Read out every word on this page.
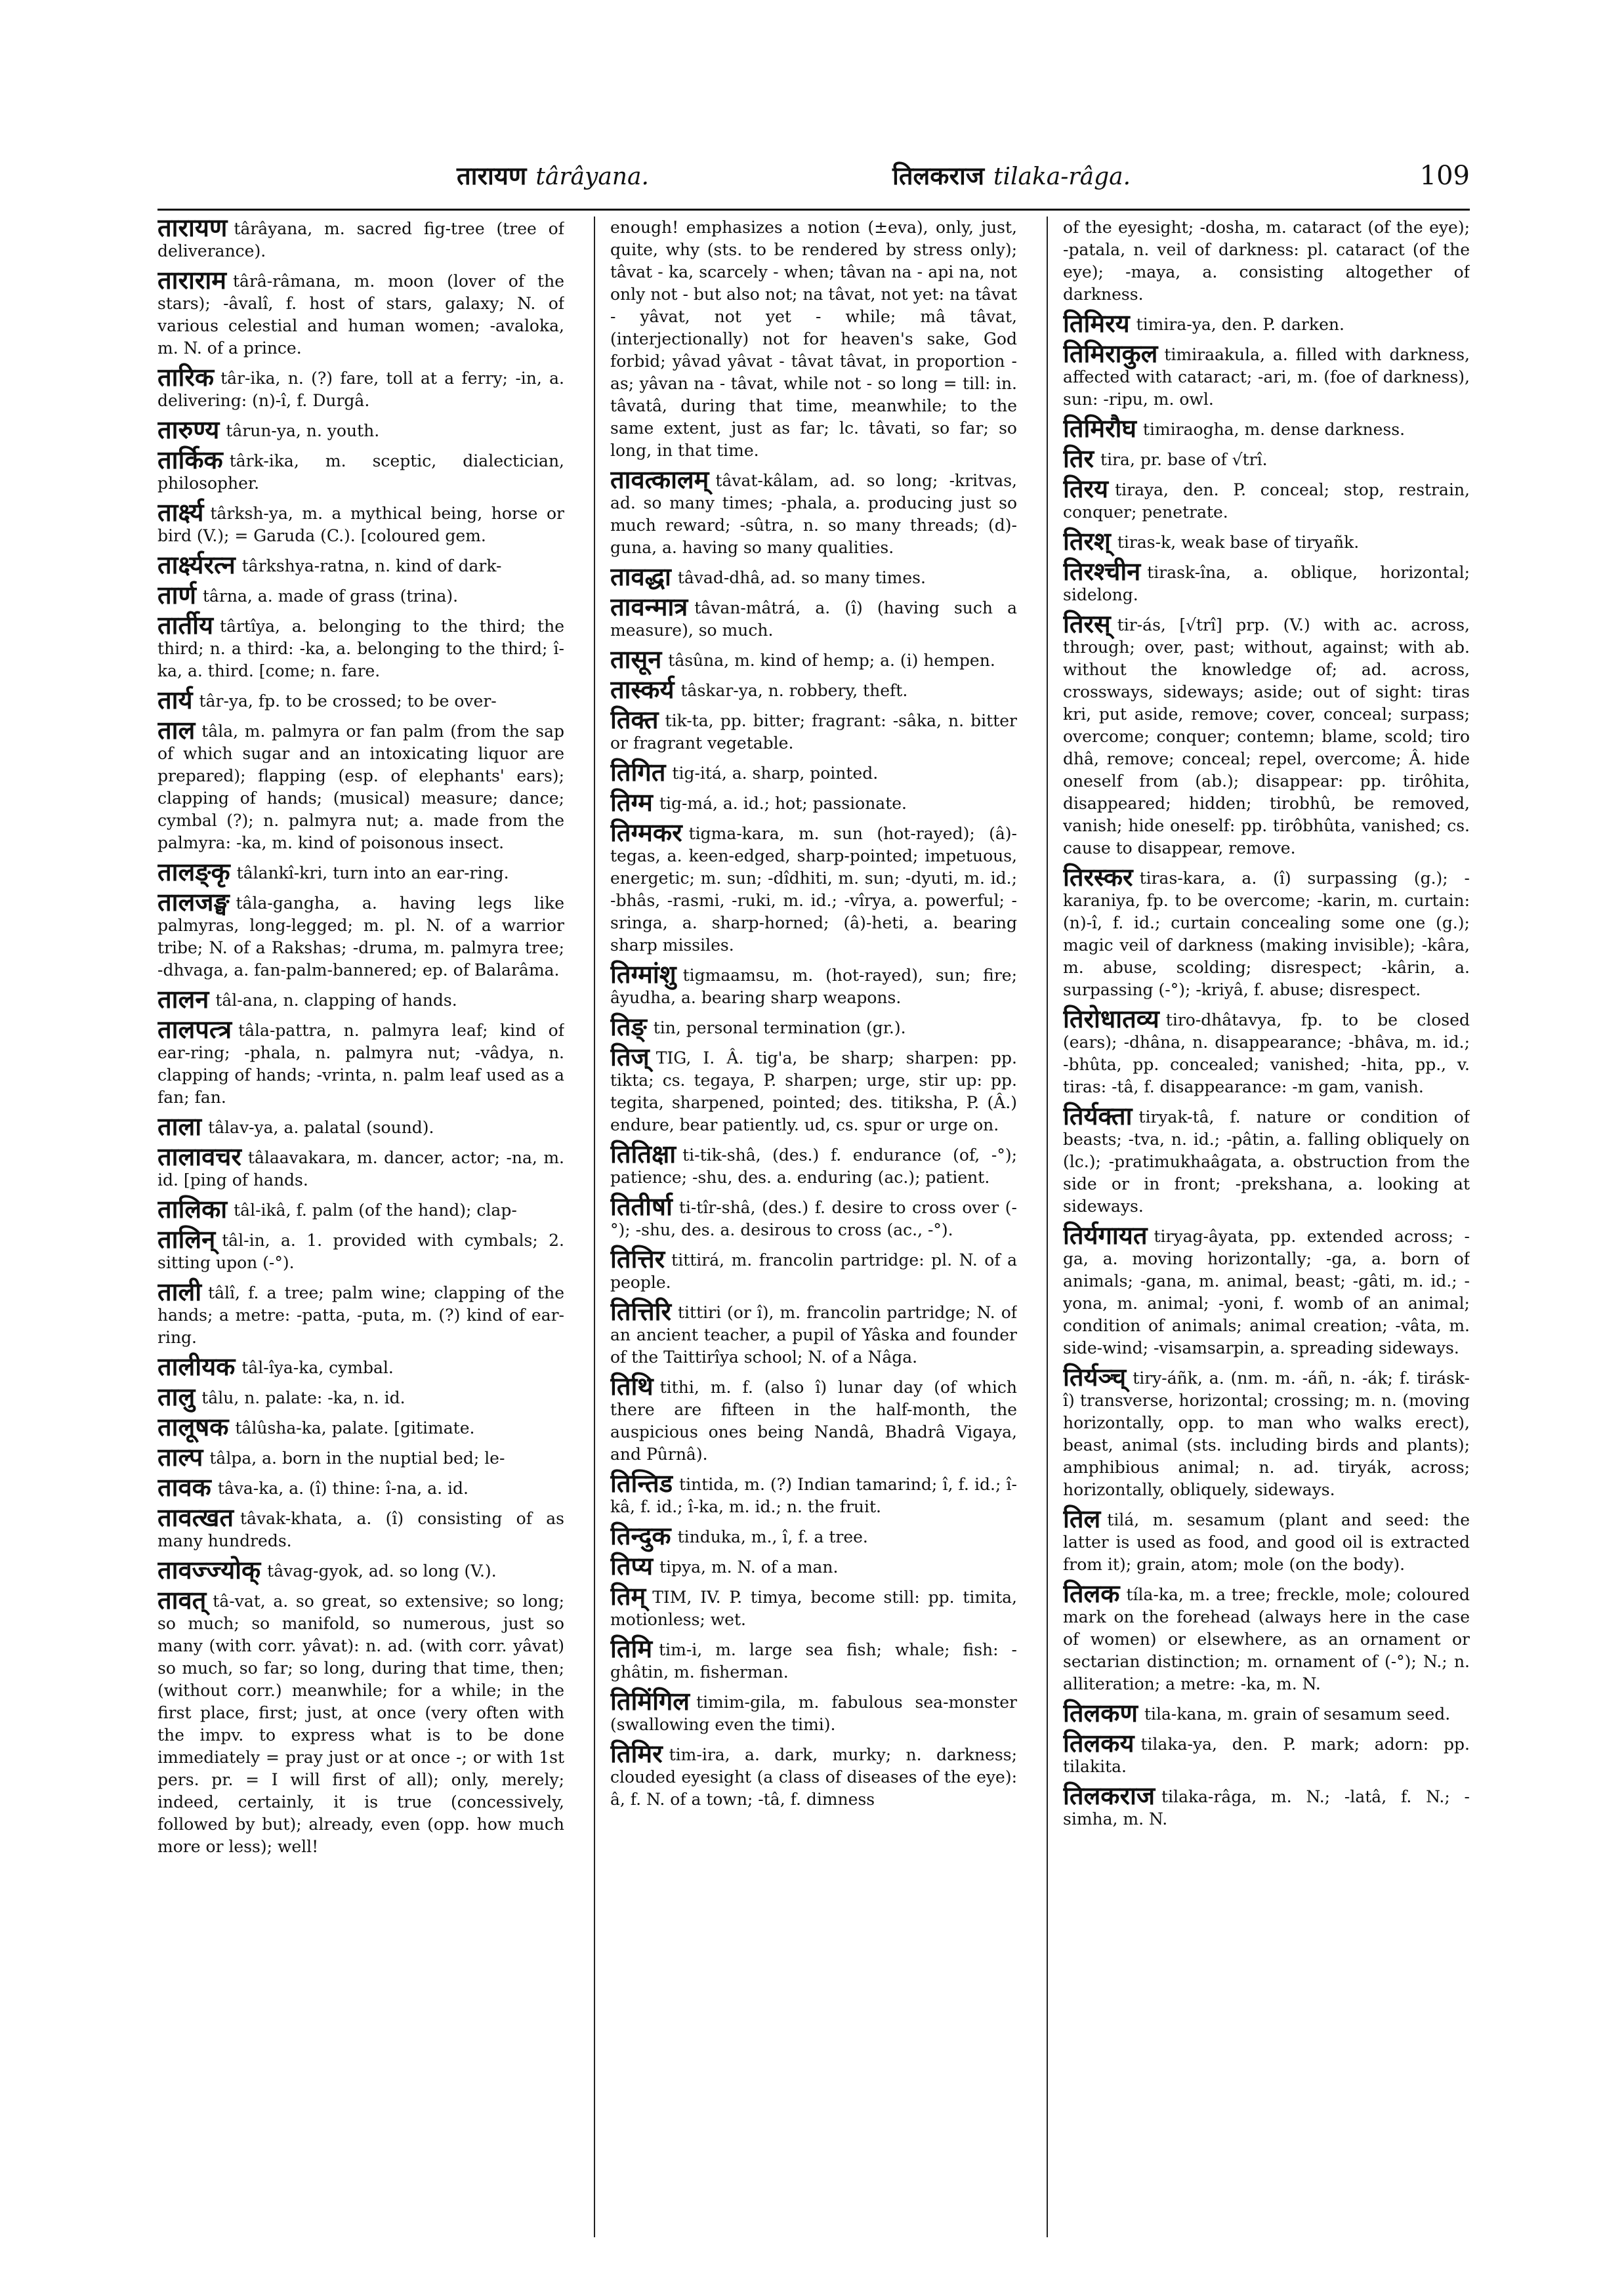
तारायण târâyana.	तिलकराज tilaka-râga.	109
तारायण târâyana, m. sacred fig-tree (tree of deliverance).
ताराराम târâ-râmana, m. moon (lover of the stars); -âvalî, f. host of stars, galaxy; N. of various celestial and human women; -avaloka, m. N. of a prince.
तारिक târ-ika, n. (?) fare, toll at a ferry; -in, a. delivering: (n)-î, f. Durgâ.
तारुण्य târun-ya, n. youth.
तार्किक târk-ika, m. sceptic, dialectician, philosopher.
तार्क्ष्य târksh-ya, m. a mythical being, horse or bird (V.); = Garuda (C.). [coloured gem.
तार्क्ष्यरत्न târkshya-ratna, n. kind of dark-
तार्ण târna, a. made of grass (trina).
तार्तीय târtîya, a. belonging to the third; the third; n. a third: -ka, a. belonging to the third; î-ka, a. third. [come; n. fare.
तार्य târ-ya, fp. to be crossed; to be over-
ताल tâla, m. palmyra or fan palm (from the sap of which sugar and an intoxicating liquor are prepared); flapping (esp. of elephants' ears); clapping of hands; (musical) measure; dance; cymbal (?); n. palmyra nut; a. made from the palmyra: -ka, m. kind of poisonous insect.
तालङ्कृ tâlankî-kri, turn into an ear-ring.
तालजङ्घ tâla-gangha, a. having legs like palmyras, long-legged; m. pl. N. of a warrior tribe; N. of a Rakshas; -druma, m. palmyra tree; -dhvaga, a. fan-palm-bannered; ep. of Balarâma.
तालन tâl-ana, n. clapping of hands.
तालपत्त्र tâla-pattra, n. palmyra leaf; kind of ear-ring; -phala, n. palmyra nut; -vâdya, n. clapping of hands; -vrinta, n. palm leaf used as a fan; fan.
ताला tâlav-ya, a. palatal (sound).
तालावचर tâlaavakara, m. dancer, actor; -na, m. id. [ping of hands.
तालिका tâl-ikâ, f. palm (of the hand); clap-
तालिन् tâl-in, a. 1. provided with cymbals; 2. sitting upon (-°).
ताली tâlî, f. a tree; palm wine; clapping of the hands; a metre: -patta, -puta, m. (?) kind of ear-ring.
तालीयक tâl-îya-ka, cymbal.
तालु tâlu, n. palate: -ka, n. id.
तालूषक tâlûsha-ka, palate. [gitimate.
ताल्प tâlpa, a. born in the nuptial bed; le-
तावक tâva-ka, a. (î) thine: î-na, a. id.
तावत्खत tâvak-khata, a. (î) consisting of as many hundreds.
तावज्ज्योक् tâvag-gyok, ad. so long (V.).
तावत् tâ-vat, a. so great, so extensive; so long; so much; so manifold, so numerous, just so many (with corr. yâvat): n. ad. (with corr. yâvat) so much, so far; so long, during that time, then; (without corr.) meanwhile; for a while; in the first place, first; just, at once (very often with the impv. to express what is to be done immediately = pray just or at once -; or with 1st pers. pr. = I will first of all); only, merely; indeed, certainly, it is true (concessively, followed by but); already, even (opp. how much more or less); well!
enough! emphasizes a notion (±eva), only, just, quite, why (sts. to be rendered by stress only); tâvat - ka, scarcely - when; tâvan na - api na, not only not - but also not; na tâvat, not yet: na tâvat - yâvat, not yet - while; mâ tâvat, (interjectionally) not for heaven's sake, God forbid; yâvad yâvat - tâvat tâvat, in proportion - as; yâvan na - tâvat, while not - so long = till: in. tâvatâ, during that time, meanwhile; to the same extent, just as far; lc. tâvati, so far; so long, in that time.
तावत्कालम् tâvat-kâlam, ad. so long; -kritvas, ad. so many times; -phala, a. producing just so much reward; -sûtra, n. so many threads; (d)-guna, a. having so many qualities.
तावद्धा tâvad-dhâ, ad. so many times.
तावन्मात्र tâvan-mâtrá, a. (î) (having such a measure), so much.
तासून tâsûna, m. kind of hemp; a. (i) hempen.
तास्कर्य tâskar-ya, n. robbery, theft.
तिक्त tik-ta, pp. bitter; fragrant: -sâka, n. bitter or fragrant vegetable.
तिगित tig-itá, a. sharp, pointed.
तिग्म tig-má, a. id.; hot; passionate.
तिग्मकर tigma-kara, m. sun (hot-rayed); (â)-tegas, a. keen-edged, sharp-pointed; impetuous, energetic; m. sun; -dîdhiti, m. sun; -dyuti, m. id.; -bhâs, -rasmi, -ruki, m. id.; -vîrya, a. powerful; -sringa, a. sharp-horned; (â)-heti, a. bearing sharp missiles.
तिग्मांशु tigmaamsu, m. (hot-rayed), sun; fire; âyudha, a. bearing sharp weapons.
तिङ् tin, personal termination (gr.).
तिज् TIG, I. Â. tig'a, be sharp; sharpen: pp. tikta; cs. tegaya, P. sharpen; urge, stir up: pp. tegita, sharpened, pointed; des. titiksha, P. (Â.) endure, bear patiently. ud, cs. spur or urge on.
तितिक्षा ti-tik-shâ, (des.) f. endurance (of, -°); patience; -shu, des. a. enduring (ac.); patient.
तितीर्षा ti-tîr-shâ, (des.) f. desire to cross over (-°); -shu, des. a. desirous to cross (ac., -°).
तित्तिर tittirá, m. francolin partridge: pl. N. of a people.
तित्तिरि tittiri (or î), m. francolin partridge; N. of an ancient teacher, a pupil of Yâska and founder of the Taittirîya school; N. of a Nâga.
तिथि tithi, m. f. (also î) lunar day (of which there are fifteen in the half-month, the auspicious ones being Nandâ, Bhadrâ Vigaya, and Pûrnâ).
तिन्तिड tintida, m. (?) Indian tamarind; î, f. id.; î-kâ, f. id.; î-ka, m. id.; n. the fruit.
तिन्दुक tinduka, m., î, f. a tree.
तिप्य tipya, m. N. of a man.
तिम् TIM, IV. P. timya, become still: pp. timita, motionless; wet.
तिमि tim-i, m. large sea fish; whale; fish: -ghâtin, m. fisherman.
तिमिंगिल timim-gila, m. fabulous sea-monster (swallowing even the timi).
तिमिर tim-ira, a. dark, murky; n. darkness; clouded eyesight (a class of diseases of the eye): â, f. N. of a town; -tâ, f. dimness
of the eyesight; -dosha, m. cataract (of the eye); -patala, n. veil of darkness: pl. cataract (of the eye); -maya, a. consisting altogether of darkness.
तिमिरय timira-ya, den. P. darken.
तिमिराकुल timiraakula, a. filled with darkness, affected with cataract; -ari, m. (foe of darkness), sun: -ripu, m. owl.
तिमिरौघ timiraogha, m. dense darkness.
तिर tira, pr. base of √trî.
तिरय tiraya, den. P. conceal; stop, restrain, conquer; penetrate.
तिरश् tiras-k, weak base of tiryañk.
तिरश्चीन tirask-îna, a. oblique, horizontal; sidelong.
तिरस् tir-ás, [√trî] prp. (V.) with ac. across, through; over, past; without, against; with ab. without the knowledge of; ad. across, crossways, sideways; aside; out of sight: tiras kri, put aside, remove; cover, conceal; surpass; overcome; conquer; contemn; blame, scold; tiro dhâ, remove; conceal; repel, overcome; Â. hide oneself from (ab.); disappear: pp. tirôhita, disappeared; hidden; tirobhû, be removed, vanish; hide oneself: pp. tirôbhûta, vanished; cs. cause to disappear, remove.
तिरस्कर tiras-kara, a. (î) surpassing (g.); -karaniya, fp. to be overcome; -karin, m. curtain: (n)-î, f. id.; curtain concealing some one (g.); magic veil of darkness (making invisible); -kâra, m. abuse, scolding; disrespect; -kârin, a. surpassing (-°); -kriyâ, f. abuse; disrespect.
तिरोधातव्य tiro-dhâtavya, fp. to be closed (ears); -dhâna, n. disappearance; -bhâva, m. id.; -bhûta, pp. concealed; vanished; -hita, pp., v. tiras: -tâ, f. disappearance: -m gam, vanish.
तिर्यक्ता tiryak-tâ, f. nature or condition of beasts; -tva, n. id.; -pâtin, a. falling obliquely on (lc.); -pratimukhaâgata, a. obstruction from the side or in front; -prekshana, a. looking at sideways.
तिर्यगायत tiryag-âyata, pp. extended across; -ga, a. moving horizontally; -ga, a. born of animals; -gana, m. animal, beast; -gâti, m. id.; -yona, m. animal; -yoni, f. womb of an animal; condition of animals; animal creation; -vâta, m. side-wind; -visamsarpin, a. spreading sideways.
तिर्यञ्च् tiry-áñk, a. (nm. m. -áñ, n. -ák; f. tirásk-î) transverse, horizontal; crossing; m. n. (moving horizontally, opp. to man who walks erect), beast, animal (sts. including birds and plants); amphibious animal; n. ad. tiryák, across; horizontally, obliquely, sideways.
तिल tilá, m. sesamum (plant and seed: the latter is used as food, and good oil is extracted from it); grain, atom; mole (on the body).
तिलक tíla-ka, m. a tree; freckle, mole; coloured mark on the forehead (always here in the case of women) or elsewhere, as an ornament or sectarian distinction; m. ornament of (-°); N.; n. alliteration; a metre: -ka, m. N.
तिलकण tila-kana, m. grain of sesamum seed.
तिलकय tilaka-ya, den. P. mark; adorn: pp. tilakita.
तिलकराज tilaka-râga, m. N.; -latâ, f. N.; -simha, m. N.
